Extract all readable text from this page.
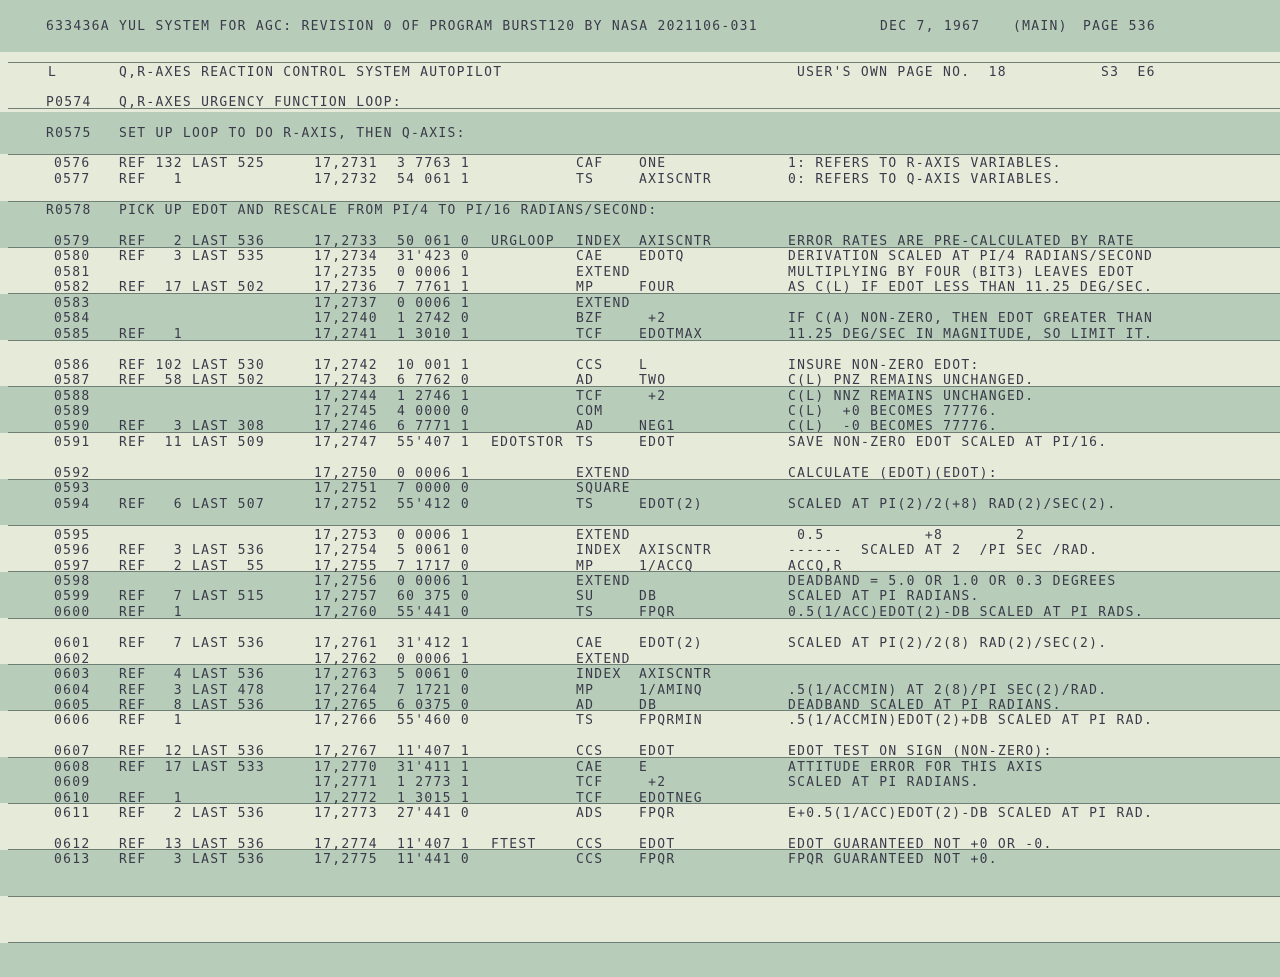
633436A YUL SYSTEM FOR AGC: REVISION 0 OF PROGRAM BURST120 BY NASA 2021106-031	DEC 7, 1967	(MAIN) PAGE 536
L	Q,R-AXES REACTION CONTROL SYSTEM AUTOPILOT	USER'S OWN PAGE NO.  18	S3  E6
P0574 Q,R-AXES URGENCY FUNCTION LOOP:
R0575 SET UP LOOP TO DO R-AXIS, THEN Q-AXIS:
R0578 PICK UP EDOT AND RESCALE FROM PI/4 TO PI/16 RADIANS/SECOND:
0576 REF 132 LAST 525	17,2731 3 7763 1	CAF	ONE	1: REFERS TO R-AXIS VARIABLES.
0577 REF   1	17,2732 54 061 1	TS	AXISCNTR	0: REFERS TO Q-AXIS VARIABLES.
0579 REF   2 LAST 536	17,2733 50 061 0 URGLOOP INDEX AXISCNTR	ERROR RATES ARE PRE-CALCULATED BY RATE
0580 REF   3 LAST 535	17,2734 31'423 0	CAE	EDOTQ	DERIVATION SCALED AT PI/4 RADIANS/SECOND
0581	17,2735 0 0006 1	EXTEND	MULTIPLYING BY FOUR (BIT3) LEAVES EDOT
0582 REF  17 LAST 502	17,2736 7 7761 1	MP	FOUR	AS C(L) IF EDOT LESS THAN 11.25 DEG/SEC.
0583	17,2737 0 0006 1	EXTEND
0584	17,2740 1 2742 0	BZF	+2	IF C(A) NON-ZERO, THEN EDOT GREATER THAN
0585 REF   1	17,2741 1 3010 1	TCF	EDOTMAX	11.25 DEG/SEC IN MAGNITUDE, SO LIMIT IT.
0586 REF 102 LAST 530	17,2742 10 001 1	CCS	L	INSURE NON-ZERO EDOT:
0587 REF  58 LAST 502	17,2743 6 7762 0	AD	TWO	C(L) PNZ REMAINS UNCHANGED.
0588	17,2744 1 2746 1	TCF	+2	C(L) NNZ REMAINS UNCHANGED.
0589	17,2745 4 0000 0	COM	C(L)  +0 BECOMES 77776.
0590 REF   3 LAST 308	17,2746 6 7771 1	AD	NEG1	C(L)  -0 BECOMES 77776.
0591 REF  11 LAST 509	17,2747 55'407 1 EDOTSTOR TS	EDOT	SAVE NON-ZERO EDOT SCALED AT PI/16.
0592	17,2750 0 0006 1	EXTEND	CALCULATE (EDOT)(EDOT):
0593	17,2751 7 0000 0	SQUARE
0594 REF   6 LAST 507	17,2752 55'412 0	TS	EDOT(2)	SCALED AT PI(2)/2(+8) RAD(2)/SEC(2).
0595	17,2753 0 0006 1	EXTEND	0.5           +8        2
0596 REF   3 LAST 536	17,2754 5 0061 0	INDEX AXISCNTR	------  SCALED AT 2  /PI SEC /RAD.
0597 REF   2 LAST  55	17,2755 7 1717 0	MP	1/ACCQ	ACCQ,R
0598	17,2756 0 0006 1	EXTEND	DEADBAND = 5.0 OR 1.0 OR 0.3 DEGREES
0599 REF   7 LAST 515	17,2757 60 375 0	SU	DB	SCALED AT PI RADIANS.
0600 REF   1	17,2760 55'441 0	TS	FPQR	0.5(1/ACC)EDOT(2)-DB SCALED AT PI RADS.
0601 REF   7 LAST 536	17,2761 31'412 1	CAE	EDOT(2)	SCALED AT PI(2)/2(8) RAD(2)/SEC(2).
0602	17,2762 0 0006 1	EXTEND
0603 REF   4 LAST 536	17,2763 5 0061 0	INDEX AXISCNTR
0604 REF   3 LAST 478	17,2764 7 1721 0	MP	1/AMINQ	.5(1/ACCMIN) AT 2(8)/PI SEC(2)/RAD.
0605 REF   8 LAST 536	17,2765 6 0375 0	AD	DB	DEADBAND SCALED AT PI RADIANS.
0606 REF   1	17,2766 55'460 0	TS	FPQRMIN	.5(1/ACCMIN)EDOT(2)+DB SCALED AT PI RAD.
0607 REF  12 LAST 536	17,2767 11'407 1	CCS	EDOT	EDOT TEST ON SIGN (NON-ZERO):
0608 REF  17 LAST 533	17,2770 31'411 1	CAE	E	ATTITUDE ERROR FOR THIS AXIS
0609	17,2771 1 2773 1	TCF	+2	SCALED AT PI RADIANS.
0610 REF   1	17,2772 1 3015 1	TCF	EDOTNEG
0611 REF   2 LAST 536	17,2773 27'441 0	ADS	FPQR	E+0.5(1/ACC)EDOT(2)-DB SCALED AT PI RAD.
0612 REF  13 LAST 536	17,2774 11'407 1 FTEST	CCS	EDOT	EDOT GUARANTEED NOT +0 OR -0.
0613 REF   3 LAST 536	17,2775 11'441 0	CCS	FPQR	FPQR GUARANTEED NOT +0.
